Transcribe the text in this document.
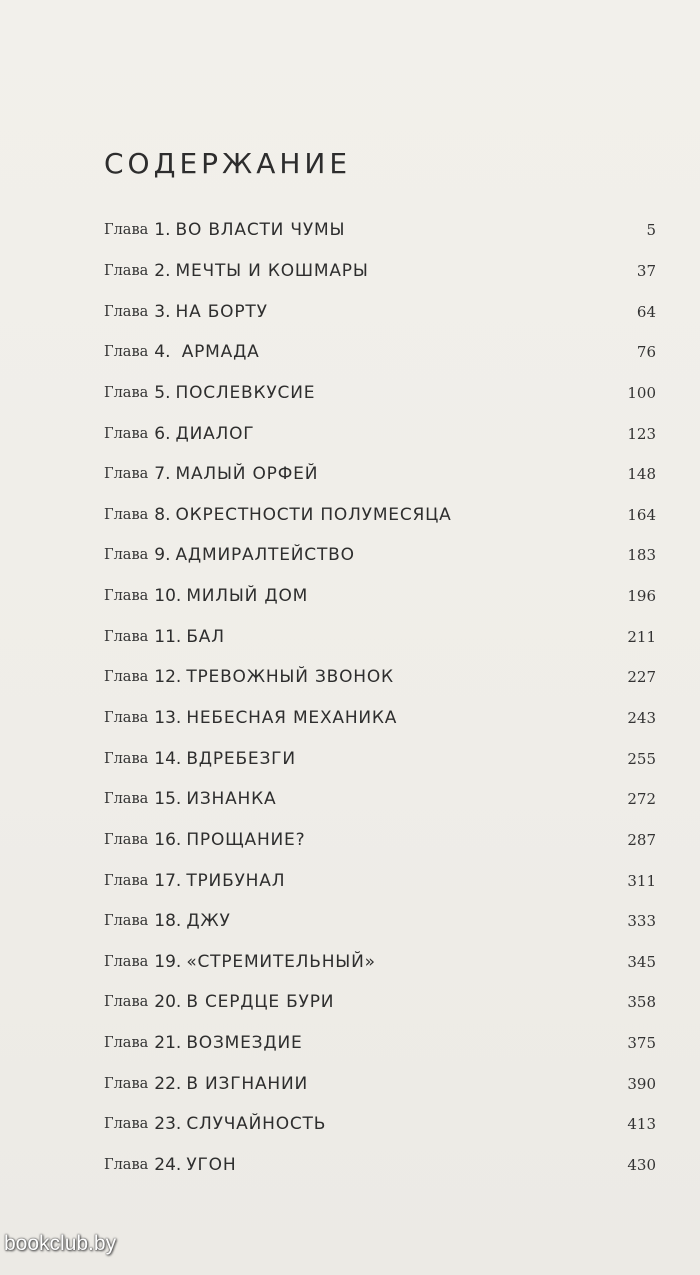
СОДЕРЖАНИЕ
Глава 1. ВО ВЛАСТИ ЧУМЫ	5
Глава 2. МЕЧТЫ И КОШМАРЫ	37
Глава 3. НА БОРТУ	64
Глава 4. АРМАДА	76
Глава 5. ПОСЛЕВКУСИЕ	100
Глава 6. ДИАЛОГ	123
Глава 7. МАЛЫЙ ОРФЕЙ	148
Глава 8. ОКРЕСТНОСТИ ПОЛУМЕСЯЦА	164
Глава 9. АДМИРАЛТЕЙСТВО	183
Глава 10. МИЛЫЙ ДОМ	196
Глава 11. БАЛ	211
Глава 12. ТРЕВОЖНЫЙ ЗВОНОК	227
Глава 13. НЕБЕСНАЯ МЕХАНИКА	243
Глава 14. ВДРЕБЕЗГИ	255
Глава 15. ИЗНАНКА	272
Глава 16. ПРОЩАНИЕ?	287
Глава 17. ТРИБУНАЛ	311
Глава 18. ДЖУ	333
Глава 19. «СТРЕМИТЕЛЬНЫЙ»	345
Глава 20. В СЕРДЦЕ БУРИ	358
Глава 21. ВОЗМЕЗДИЕ	375
Глава 22. В ИЗГНАНИИ	390
Глава 23. СЛУЧАЙНОСТЬ	413
Глава 24. УГОН	430
bookclub.by
